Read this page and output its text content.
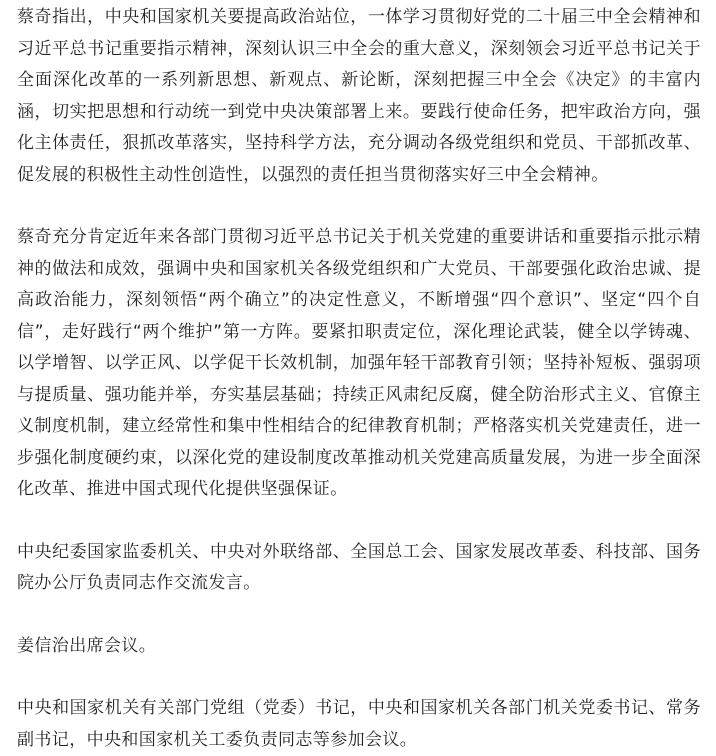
蔡奇指出，中央和国家机关要提高政治站位，一体学习贯彻好党的二十届三中全会精神和习近平总书记重要指示精神，深刻认识三中全会的重大意义，深刻领会习近平总书记关于全面深化改革的一系列新思想、新观点、新论断，深刻把握三中全会《决定》的丰富内涵，切实把思想和行动统一到党中央决策部署上来。要践行使命任务，把牢政治方向，强化主体责任，狠抓改革落实，坚持科学方法，充分调动各级党组织和党员、干部抓改革、促发展的积极性主动性创造性，以强烈的责任担当贯彻落实好三中全会精神。

蔡奇充分肯定近年来各部门贯彻习近平总书记关于机关党建的重要讲话和重要指示批示精神的做法和成效，强调中央和国家机关各级党组织和广大党员、干部要强化政治忠诚、提高政治能力，深刻领悟“两个确立”的决定性意义，不断增强“四个意识”、坚定“四个自信”，走好践行“两个维护”第一方阵。要紧扣职责定位，深化理论武装，健全以学铸魂、以学增智、以学正风、以学促干长效机制，加强年轻干部教育引领；坚持补短板、强弱项与提质量、强功能并举，夯实基层基础；持续正风肃纪反腐，健全防治形式主义、官僚主义制度机制，建立经常性和集中性相结合的纪律教育机制；严格落实机关党建责任，进一步强化制度硬约束，以深化党的建设制度改革推动机关党建高质量发展，为进一步全面深化改革、推进中国式现代化提供坚强保证。

中央纪委国家监委机关、中央对外联络部、全国总工会、国家发展改革委、科技部、国务院办公厅负责同志作交流发言。

姜信治出席会议。

中央和国家机关有关部门党组（党委）书记，中央和国家机关各部门机关党委书记、常务副书记，中央和国家机关工委负责同志等参加会议。
